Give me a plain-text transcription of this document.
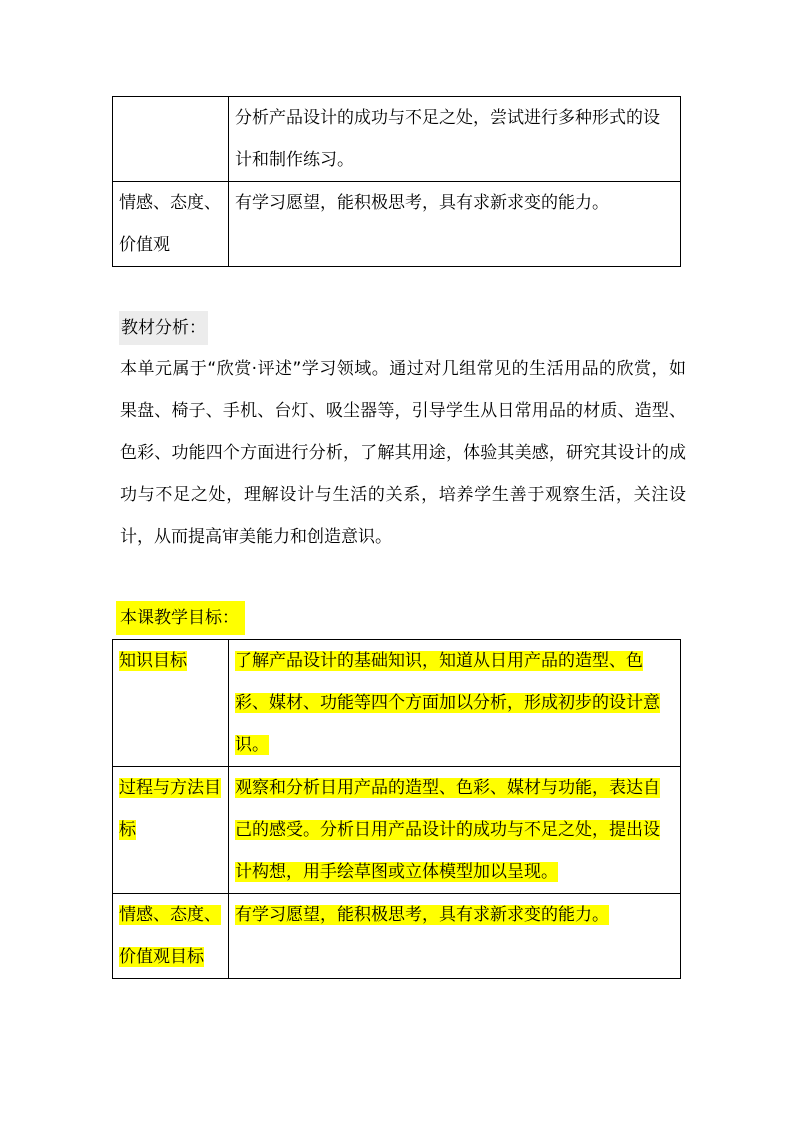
	分析产品设计的成功与不足之处，尝试进行多种形式的设计和制作练习。
情感、态度、价值观	有学习愿望，能积极思考，具有求新求变的能力。
教材分析：

本单元属于“欣赏·评述”学习领域。通过对几组常见的生活用品的欣赏，如果盘、椅子、手机、台灯、吸尘器等，引导学生从日常用品的材质、造型、色彩、功能四个方面进行分析，了解其用途，体验其美感，研究其设计的成功与不足之处，理解设计与生活的关系，培养学生善于观察生活，关注设计，从而提高审美能力和创造意识。

本课教学目标：
知识目标	了解产品设计的基础知识，知道从日用产品的造型、色彩、媒材、功能等四个方面加以分析，形成初步的设计意识。
过程与方法目标	观察和分析日用产品的造型、色彩、媒材与功能，表达自己的感受。分析日用产品设计的成功与不足之处，提出设计构想，用手绘草图或立体模型加以呈现。
情感、态度、价值观目标	有学习愿望，能积极思考，具有求新求变的能力。
